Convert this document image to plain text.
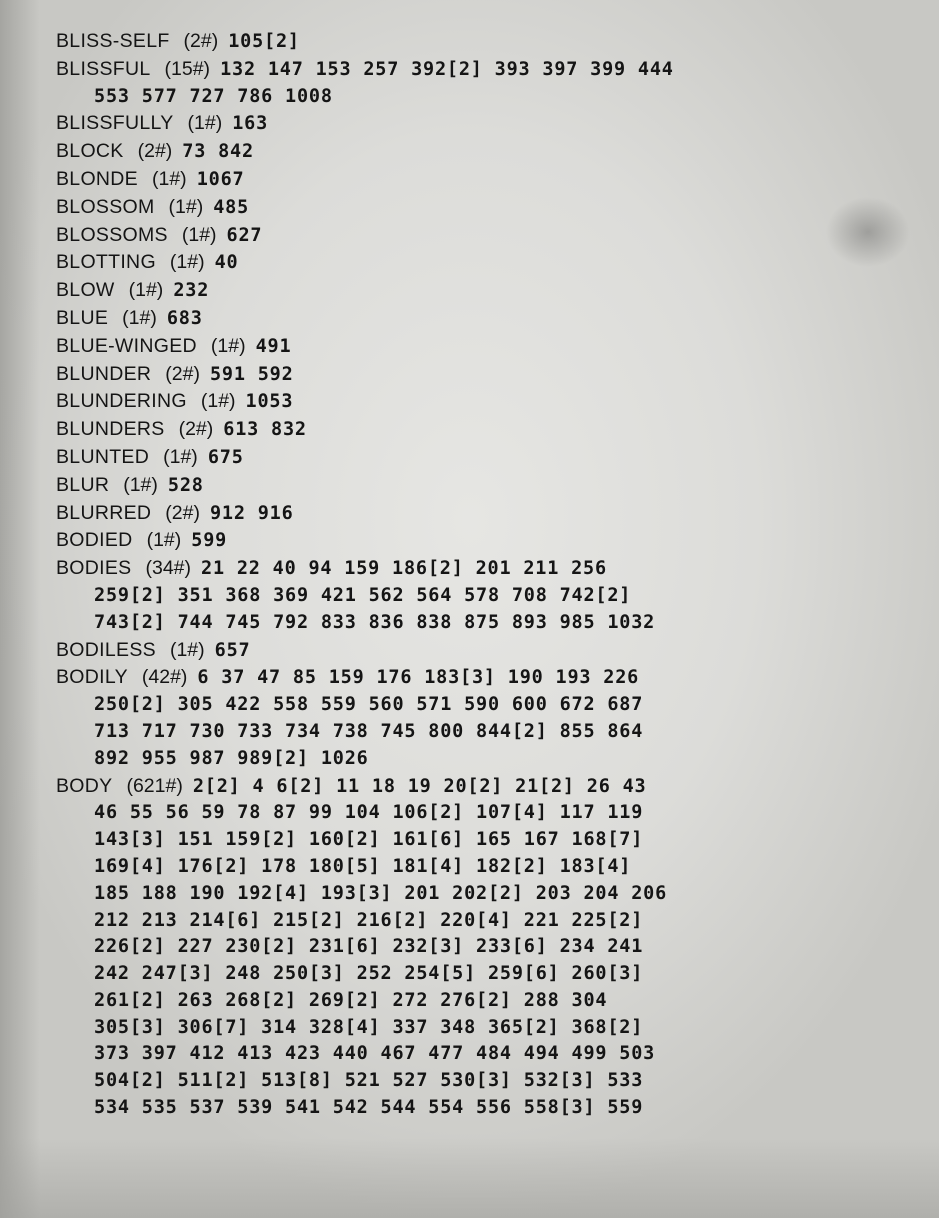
BLISS-SELF (2#) 105[2]
BLISSFUL (15#) 132 147 153 257 392[2] 393 397 399 444
553 577 727 786 1008
BLISSFULLY (1#) 163
BLOCK (2#) 73 842
BLONDE (1#) 1067
BLOSSOM (1#) 485
BLOSSOMS (1#) 627
BLOTTING (1#) 40
BLOW (1#) 232
BLUE (1#) 683
BLUE-WINGED (1#) 491
BLUNDER (2#) 591 592
BLUNDERING (1#) 1053
BLUNDERS (2#) 613 832
BLUNTED (1#) 675
BLUR (1#) 528
BLURRED (2#) 912 916
BODIED (1#) 599
BODIES (34#) 21 22 40 94 159 186[2] 201 211 256
259[2] 351 368 369 421 562 564 578 708 742[2]
743[2] 744 745 792 833 836 838 875 893 985 1032
BODILESS (1#) 657
BODILY (42#) 6 37 47 85 159 176 183[3] 190 193 226
250[2] 305 422 558 559 560 571 590 600 672 687
713 717 730 733 734 738 745 800 844[2] 855 864
892 955 987 989[2] 1026
BODY (621#) 2[2] 4 6[2] 11 18 19 20[2] 21[2] 26 43
46 55 56 59 78 87 99 104 106[2] 107[4] 117 119
143[3] 151 159[2] 160[2] 161[6] 165 167 168[7]
169[4] 176[2] 178 180[5] 181[4] 182[2] 183[4]
185 188 190 192[4] 193[3] 201 202[2] 203 204 206
212 213 214[6] 215[2] 216[2] 220[4] 221 225[2]
226[2] 227 230[2] 231[6] 232[3] 233[6] 234 241
242 247[3] 248 250[3] 252 254[5] 259[6] 260[3]
261[2] 263 268[2] 269[2] 272 276[2] 288 304
305[3] 306[7] 314 328[4] 337 348 365[2] 368[2]
373 397 412 413 423 440 467 477 484 494 499 503
504[2] 511[2] 513[8] 521 527 530[3] 532[3] 533
534 535 537 539 541 542 544 554 556 558[3] 559
